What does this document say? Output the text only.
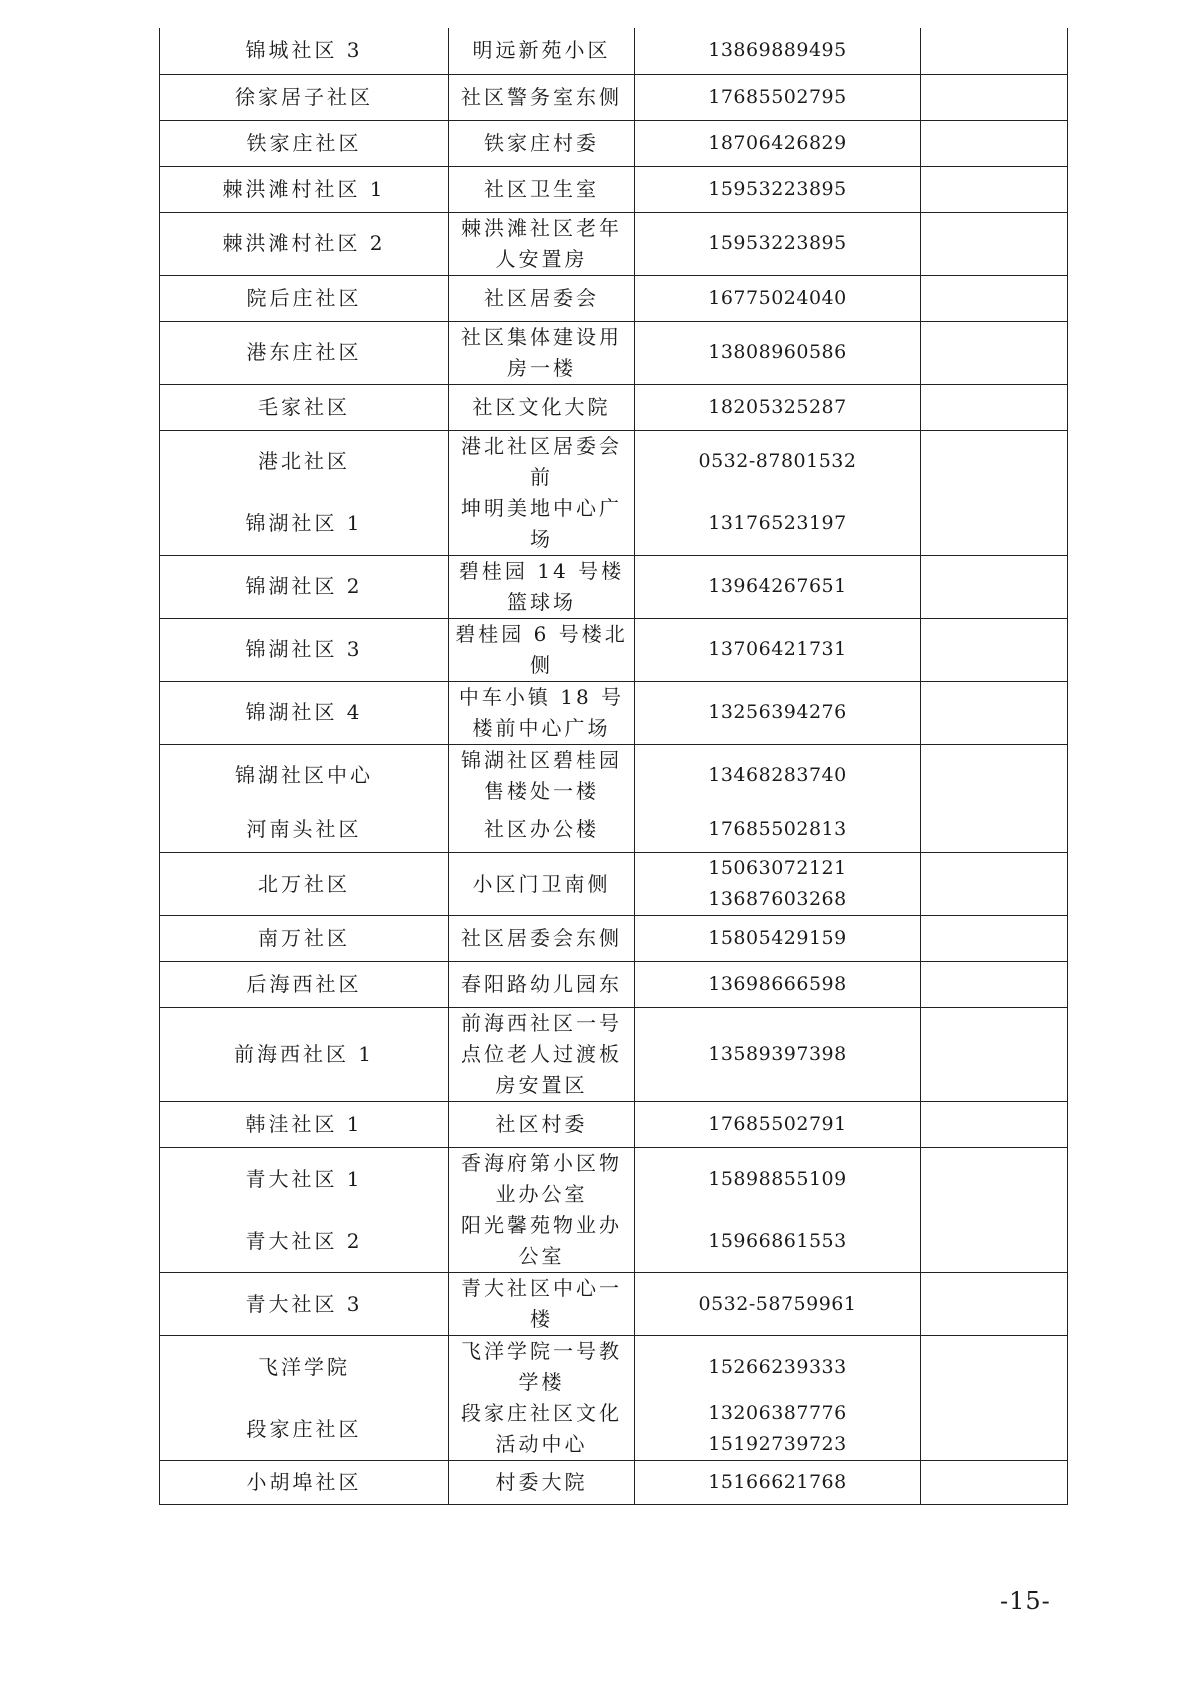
锦城社区 3	明远新苑小区	13869889495	

徐家居子社区	社区警务室东侧	17685502795	

铁家庄社区	铁家庄村委	18706426829	

棘洪滩村社区 1	社区卫生室	15953223895	

棘洪滩村社区 2	棘洪滩社区老年人安置房	15953223895	

院后庄社区	社区居委会	16775024040	

港东庄社区	社区集体建设用房一楼	13808960586	

毛家社区	社区文化大院	18205325287	

港北社区	港北社区居委会前	0532-87801532	

锦湖社区 1	坤明美地中心广场	13176523197	

锦湖社区 2	碧桂园 14 号楼篮球场	13964267651	

锦湖社区 3	碧桂园 6 号楼北侧	13706421731	

锦湖社区 4	中车小镇 18 号楼前中心广场	13256394276	

锦湖社区中心	锦湖社区碧桂园售楼处一楼	13468283740	

河南头社区	社区办公楼	17685502813	

北万社区	小区门卫南侧	15063072121
13687603268	

南万社区	社区居委会东侧	15805429159	

后海西社区	春阳路幼儿园东	13698666598	

前海西社区 1	前海西社区一号点位老人过渡板房安置区	13589397398	

韩洼社区 1	社区村委	17685502791	

青大社区 1	香海府第小区物业办公室	15898855109	

青大社区 2	阳光馨苑物业办公室	15966861553	

青大社区 3	青大社区中心一楼	0532-58759961	

飞洋学院	飞洋学院一号教学楼	15266239333	

段家庄社区	段家庄社区文化活动中心	13206387776
15192739723	

小胡埠社区	村委大院	15166621768	

-15-
